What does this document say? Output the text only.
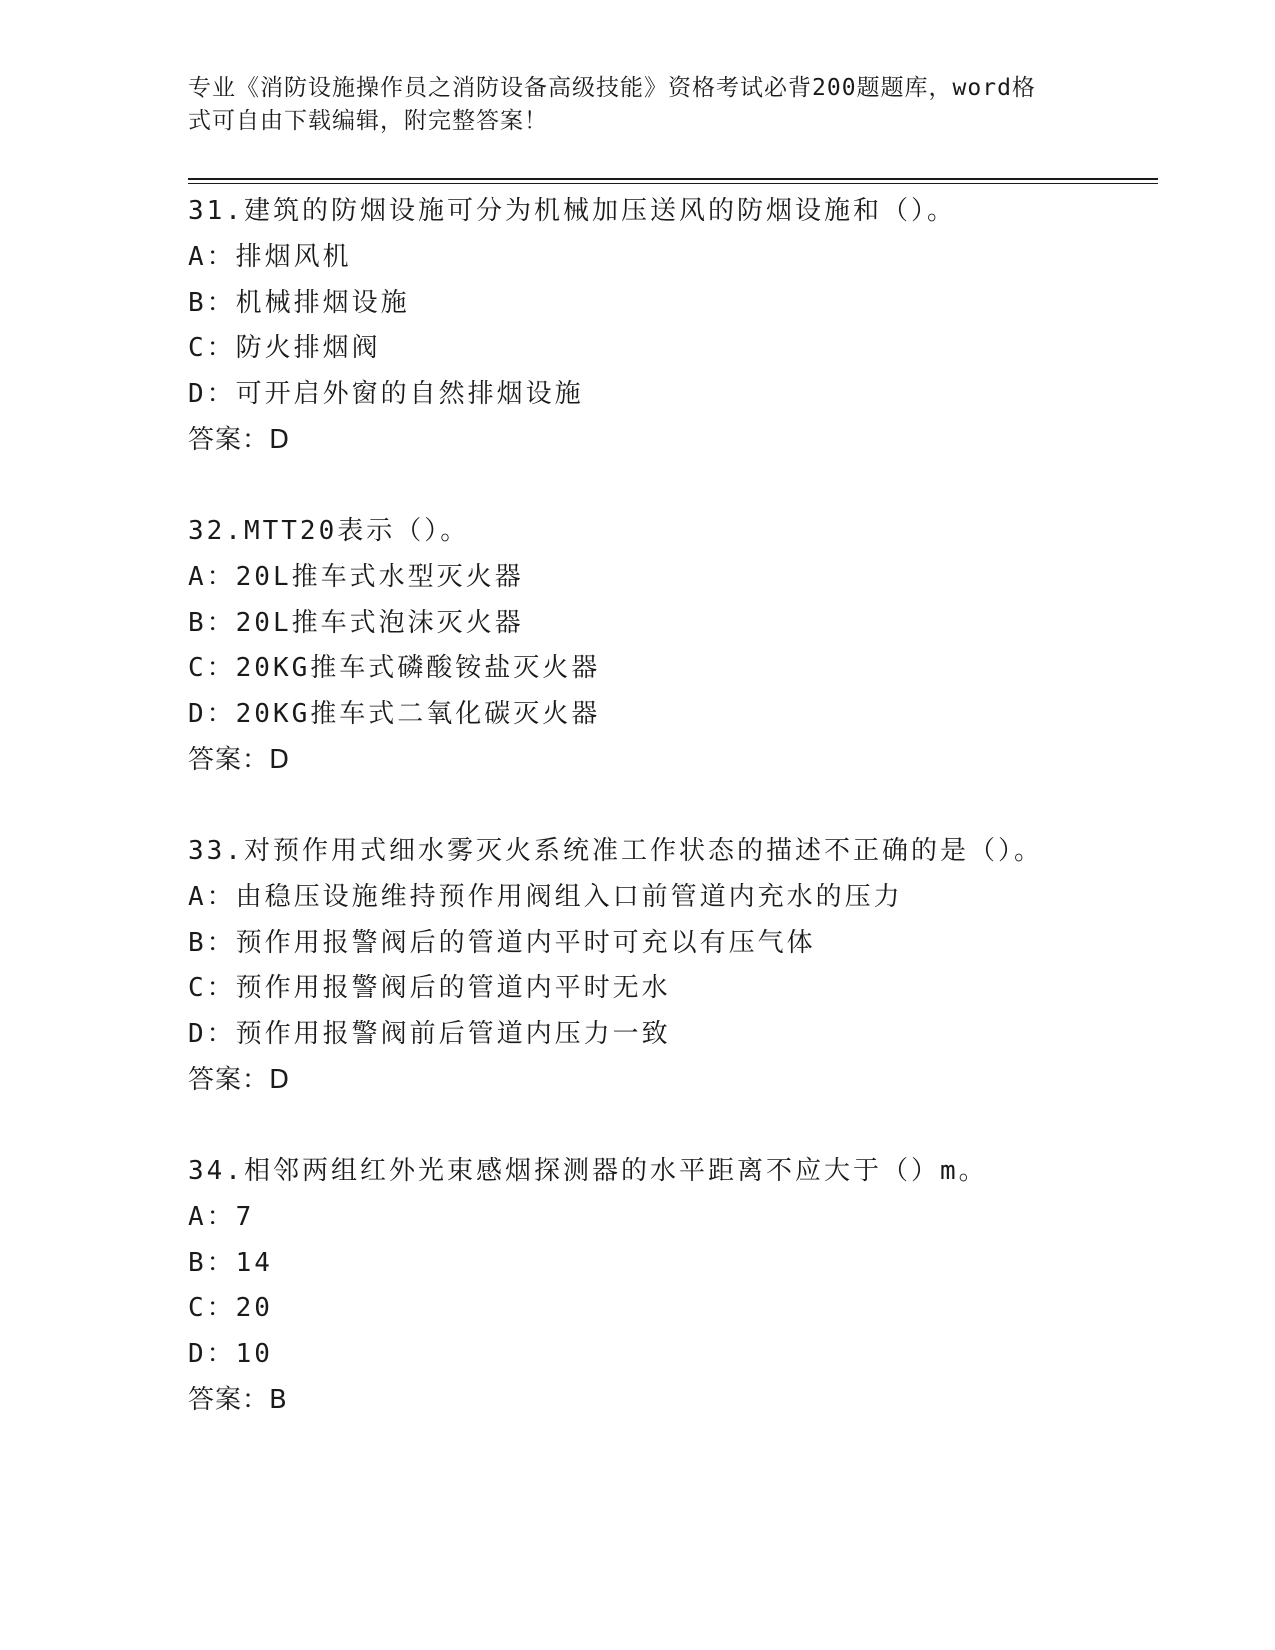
专业《消防设施操作员之消防设备高级技能》资格考试必背200题题库，word格
式可自由下载编辑，附完整答案！
31.建筑的防烟设施可分为机械加压送风的防烟设施和（）。
A：排烟风机
B：机械排烟设施
C：防火排烟阀
D：可开启外窗的自然排烟设施
答案：D
32.MTT20表示（）。
A：20L推车式水型灭火器
B：20L推车式泡沫灭火器
C：20KG推车式磷酸铵盐灭火器
D：20KG推车式二氧化碳灭火器
答案：D
33.对预作用式细水雾灭火系统准工作状态的描述不正确的是（）。
A：由稳压设施维持预作用阀组入口前管道内充水的压力
B：预作用报警阀后的管道内平时可充以有压气体
C：预作用报警阀后的管道内平时无水
D：预作用报警阀前后管道内压力一致
答案：D
34.相邻两组红外光束感烟探测器的水平距离不应大于（）m。
A：7
B：14
C：20
D：10
答案：B
